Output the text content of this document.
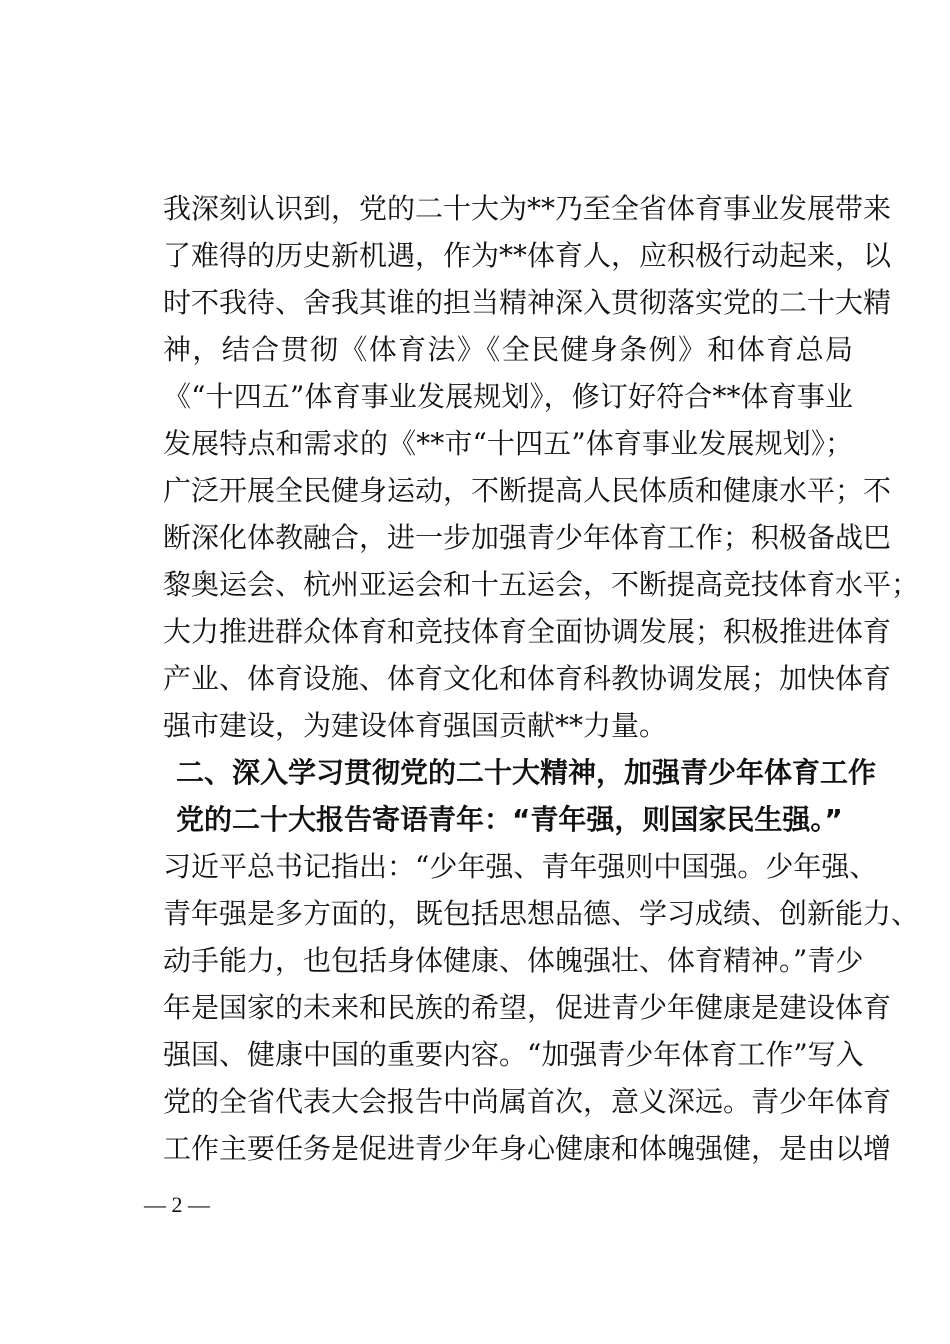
我深刻认识到，党的二十大为**乃至全省体育事业发展带来
了难得的历史新机遇，作为**体育人，应积极行动起来，以
时不我待、舍我其谁的担当精神深入贯彻落实党的二十大精
神，结合贯彻《体育法》《全民健身条例》和体育总局
《“十四五”体育事业发展规划》，修订好符合**体育事业
发展特点和需求的《**市“十四五”体育事业发展规划》；
广泛开展全民健身运动，不断提高人民体质和健康水平；不
断深化体教融合，进一步加强青少年体育工作；积极备战巴
黎奥运会、杭州亚运会和十五运会，不断提高竞技体育水平；
大力推进群众体育和竞技体育全面协调发展；积极推进体育
产业、体育设施、体育文化和体育科教协调发展；加快体育
强市建设，为建设体育强国贡献**力量。
二、深入学习贯彻党的二十大精神，加强青少年体育工作
党的二十大报告寄语青年：“青年强，则国家民生强。”
习近平总书记指出：“少年强、青年强则中国强。少年强、
青年强是多方面的，既包括思想品德、学习成绩、创新能力、
动手能力，也包括身体健康、体魄强壮、体育精神。”青少
年是国家的未来和民族的希望，促进青少年健康是建设体育
强国、健康中国的重要内容。“加强青少年体育工作”写入
党的全省代表大会报告中尚属首次，意义深远。青少年体育
工作主要任务是促进青少年身心健康和体魄强健，是由以增
— 2 —
